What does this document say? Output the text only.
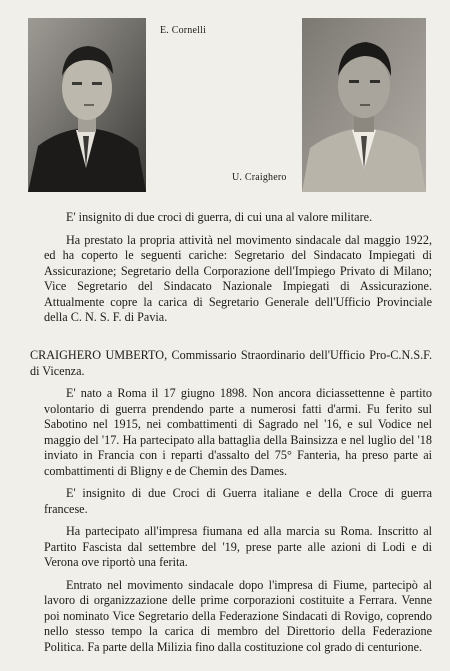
E. Cornelli
U. Craighero

E' insignito di due croci di guerra, di cui una al valore militare.

Ha prestato la propria attività nel movimento sindacale dal maggio 1922, ed ha coperto le seguenti cariche: Segretario del Sindacato Impiegati di Assicurazione; Segretario della Corporazione dell'Impiego Privato di Milano; Vice Segretario del Sindacato Nazionale Impiegati di Assicurazione. Attualmente copre la carica di Segretario Generale dell'Ufficio Provinciale della C. N. S. F. di Pavia.

CRAIGHERO UMBERTO, Commissario Straordinario dell'Ufficio Pro-C.N.S.F. di Vicenza.

E' nato a Roma il 17 giugno 1898. Non ancora diciassettenne è partito volontario di guerra prendendo parte a numerosi fatti d'armi. Fu ferito sul Sabotino nel 1915, nei combattimenti di Sagrado nel '16, e sul Vodice nel maggio del '17. Ha partecipato alla battaglia della Bainsizza e nel luglio del '18 inviato in Francia con i reparti d'assalto del 75° Fanteria, ha preso parte ai combattimenti di Bligny e de Chemin des Dames.

E' insignito di due Croci di Guerra italiane e della Croce di guerra francese.

Ha partecipato all'impresa fiumana ed alla marcia su Roma. Inscritto al Partito Fascista dal settembre del '19, prese parte alle azioni di Lodi e di Verona ove riportò una ferita.

Entrato nel movimento sindacale dopo l'impresa di Fiume, partecipò al lavoro di organizzazione delle prime corporazioni costituite a Ferrara. Venne poi nominato Vice Segretario della Federazione Sindacati di Rovigo, coprendo nello stesso tempo la carica di membro del Direttorio della Federazione Politica. Fa parte della Milizia fino dalla costituzione col grado di centurione.
